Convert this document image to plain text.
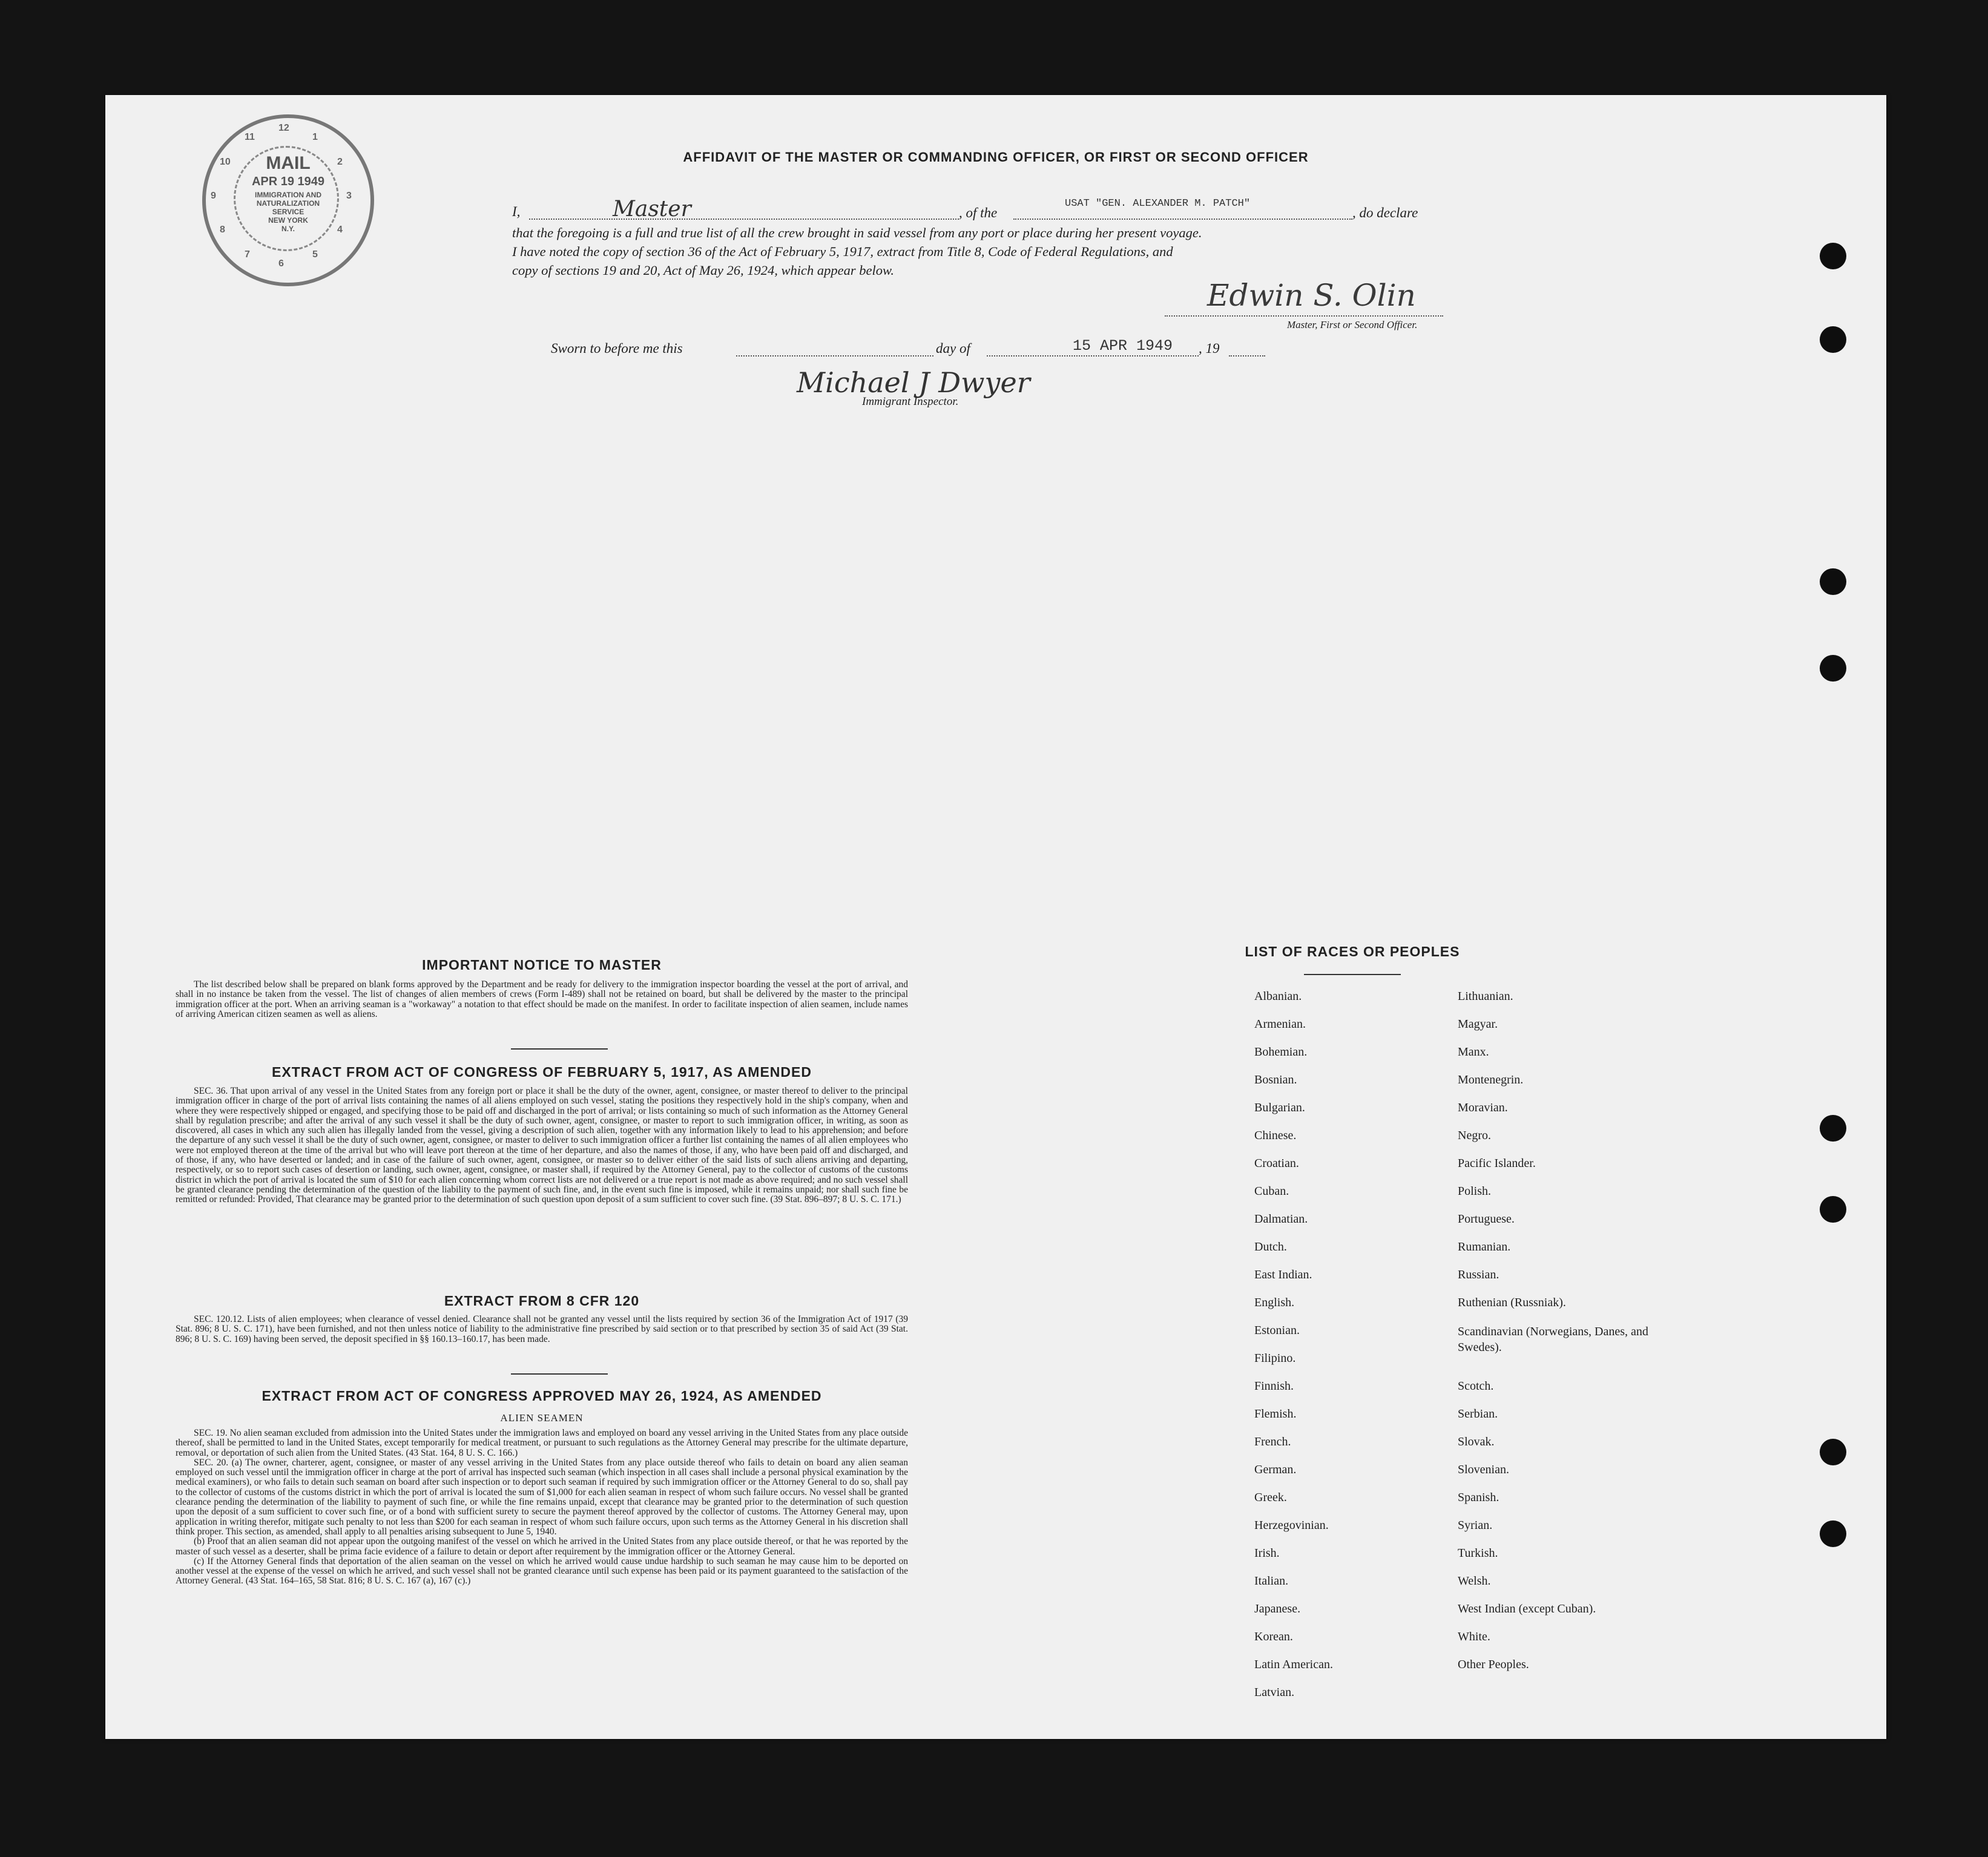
MAIL
APR 19 1949
IMMIGRATION AND
NATURALIZATION
SERVICE
NEW YORK
N.Y.
12
1
2
3
4
5
6
7
8
9
10
11
AFFIDAVIT OF THE MASTER OR COMMANDING OFFICER, OR FIRST OR SECOND OFFICER
I,	Master	, of the
USAT "GEN. ALEXANDER M. PATCH"
, do declare
that the foregoing is a full and true list of all the crew brought in said vessel from any port or place during her present voyage.
I have noted the copy of section 36 of the Act of February 5, 1917, extract from Title 8, Code of Federal Regulations, and
copy of sections 19 and 20, Act of May 26, 1924, which appear below.
Edwin S. Olin
Master, First or Second Officer.
Sworn to before me this	day of	15 APR 1949 , 19
Michael J Dwyer
Immigrant Inspector.
IMPORTANT NOTICE TO MASTER
The list described below shall be prepared on blank forms approved by the Department and be ready for delivery to the immigration inspector boarding the vessel at the port of arrival, and shall in no instance be taken from the vessel. The list of changes of alien members of crews (Form I-489) shall not be retained on board, but shall be delivered by the master to the principal immigration officer at the port. When an arriving seaman is a "workaway" a notation to that effect should be made on the manifest. In order to facilitate inspection of alien seamen, include names of arriving American citizen seamen as well as aliens.
EXTRACT FROM ACT OF CONGRESS OF FEBRUARY 5, 1917, AS AMENDED
SEC. 36. That upon arrival of any vessel in the United States from any foreign port or place it shall be the duty of the owner, agent, consignee, or master thereof to deliver to the principal immigration officer in charge of the port of arrival lists containing the names of all aliens employed on such vessel, stating the positions they respectively hold in the ship's company, when and where they were respectively shipped or engaged, and specifying those to be paid off and discharged in the port of arrival; or lists containing so much of such information as the Attorney General shall by regulation prescribe; and after the arrival of any such vessel it shall be the duty of such owner, agent, consignee, or master to report to such immigration officer, in writing, as soon as discovered, all cases in which any such alien has illegally landed from the vessel, giving a description of such alien, together with any information likely to lead to his apprehension; and before the departure of any such vessel it shall be the duty of such owner, agent, consignee, or master to deliver to such immigration officer a further list containing the names of all alien employees who were not employed thereon at the time of the arrival but who will leave port thereon at the time of her departure, and also the names of those, if any, who have been paid off and discharged, and of those, if any, who have deserted or landed; and in case of the failure of such owner, agent, consignee, or master so to deliver either of the said lists of such aliens arriving and departing, respectively, or so to report such cases of desertion or landing, such owner, agent, consignee, or master shall, if required by the Attorney General, pay to the collector of customs of the customs district in which the port of arrival is located the sum of $10 for each alien concerning whom correct lists are not delivered or a true report is not made as above required; and no such vessel shall be granted clearance pending the determination of the question of the liability to the payment of such fine, and, in the event such fine is imposed, while it remains unpaid; nor shall such fine be remitted or refunded: Provided, That clearance may be granted prior to the determination of such question upon deposit of a sum sufficient to cover such fine. (39 Stat. 896–897; 8 U. S. C. 171.)
EXTRACT FROM 8 CFR 120
SEC. 120.12. Lists of alien employees; when clearance of vessel denied. Clearance shall not be granted any vessel until the lists required by section 36 of the Immigration Act of 1917 (39 Stat. 896; 8 U. S. C. 171), have been furnished, and not then unless notice of liability to the administrative fine prescribed by said section or to that prescribed by section 35 of said Act (39 Stat. 896; 8 U. S. C. 169) having been served, the deposit specified in §§ 160.13–160.17, has been made.
EXTRACT FROM ACT OF CONGRESS APPROVED MAY 26, 1924, AS AMENDED
ALIEN SEAMEN
SEC. 19. No alien seaman excluded from admission into the United States under the immigration laws and employed on board any vessel arriving in the United States from any place outside thereof, shall be permitted to land in the United States, except temporarily for medical treatment, or pursuant to such regulations as the Attorney General may prescribe for the ultimate departure, removal, or deportation of such alien from the United States. (43 Stat. 164, 8 U. S. C. 166.)
SEC. 20. (a) The owner, charterer, agent, consignee, or master of any vessel arriving in the United States from any place outside thereof who fails to detain on board any alien seaman employed on such vessel until the immigration officer in charge at the port of arrival has inspected such seaman (which inspection in all cases shall include a personal physical examination by the medical examiners), or who fails to detain such seaman on board after such inspection or to deport such seaman if required by such immigration officer or the Attorney General to do so, shall pay to the collector of customs of the customs district in which the port of arrival is located the sum of $1,000 for each alien seaman in respect of whom such failure occurs. No vessel shall be granted clearance pending the determination of the liability to payment of such fine, or while the fine remains unpaid, except that clearance may be granted prior to the determination of such question upon the deposit of a sum sufficient to cover such fine, or of a bond with sufficient surety to secure the payment thereof approved by the collector of customs. The Attorney General may, upon application in writing therefor, mitigate such penalty to not less than $200 for each seaman in respect of whom such failure occurs, upon such terms as the Attorney General in his discretion shall think proper. This section, as amended, shall apply to all penalties arising subsequent to June 5, 1940.
(b) Proof that an alien seaman did not appear upon the outgoing manifest of the vessel on which he arrived in the United States from any place outside thereof, or that he was reported by the master of such vessel as a deserter, shall be prima facie evidence of a failure to detain or deport after requirement by the immigration officer or the Attorney General.
(c) If the Attorney General finds that deportation of the alien seaman on the vessel on which he arrived would cause undue hardship to such seaman he may cause him to be deported on another vessel at the expense of the vessel on which he arrived, and such vessel shall not be granted clearance until such expense has been paid or its payment guaranteed to the satisfaction of the Attorney General. (43 Stat. 164–165, 58 Stat. 816; 8 U. S. C. 167 (a), 167 (c).)
LIST OF RACES OR PEOPLES
Albanian.
Armenian.
Bohemian.
Bosnian.
Bulgarian.
Chinese.
Croatian.
Cuban.
Dalmatian.
Dutch.
East Indian.
English.
Estonian.
Filipino.
Finnish.
Flemish.
French.
German.
Greek.
Herzegovinian.
Irish.
Italian.
Japanese.
Korean.
Latin American.
Latvian.
Lithuanian.
Magyar.
Manx.
Montenegrin.
Moravian.
Negro.
Pacific Islander.
Polish.
Portuguese.
Rumanian.
Russian.
Ruthenian (Russniak).
Scandinavian (Norwegians, Danes, and Swedes).
Scotch.
Serbian.
Slovak.
Slovenian.
Spanish.
Syrian.
Turkish.
Welsh.
West Indian (except Cuban).
White.
Other Peoples.
